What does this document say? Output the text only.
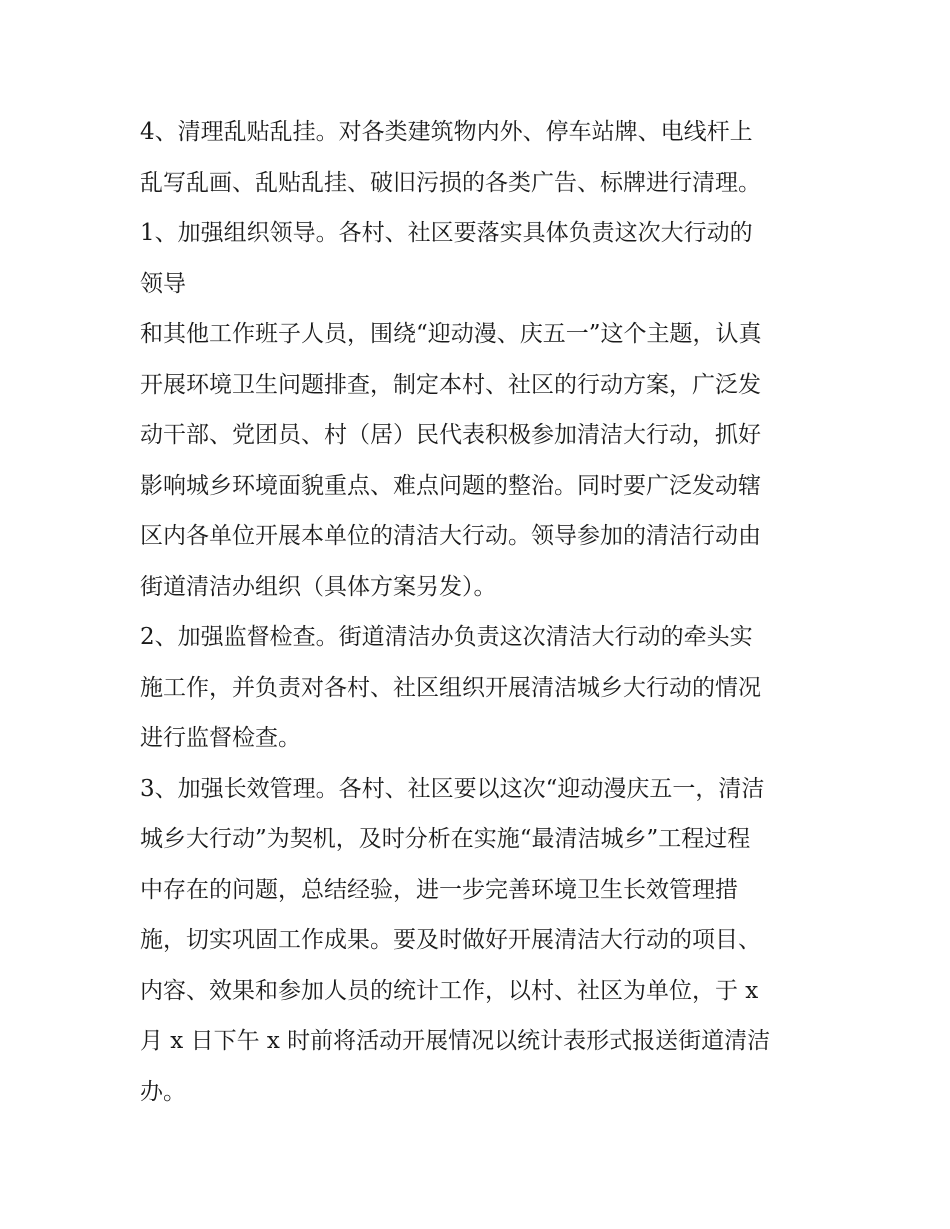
4、清理乱贴乱挂。对各类建筑物内外、停车站牌、电线杆上
乱写乱画、乱贴乱挂、破旧污损的各类广告、标牌进行清理。
1、加强组织领导。各村、社区要落实具体负责这次大行动的
领导
和其他工作班子人员，围绕“迎动漫、庆五一”这个主题，认真
开展环境卫生问题排查，制定本村、社区的行动方案，广泛发
动干部、党团员、村（居）民代表积极参加清洁大行动，抓好
影响城乡环境面貌重点、难点问题的整治。同时要广泛发动辖
区内各单位开展本单位的清洁大行动。领导参加的清洁行动由
街道清洁办组织（具体方案另发）。
2、加强监督检查。街道清洁办负责这次清洁大行动的牵头实
施工作，并负责对各村、社区组织开展清洁城乡大行动的情况
进行监督检查。
3、加强长效管理。各村、社区要以这次“迎动漫庆五一，清洁
城乡大行动”为契机，及时分析在实施“最清洁城乡”工程过程
中存在的问题，总结经验，进一步完善环境卫生长效管理措
施，切实巩固工作成果。要及时做好开展清洁大行动的项目、
内容、效果和参加人员的统计工作，以村、社区为单位，于 x
月 x 日下午 x 时前将活动开展情况以统计表形式报送街道清洁
办。
